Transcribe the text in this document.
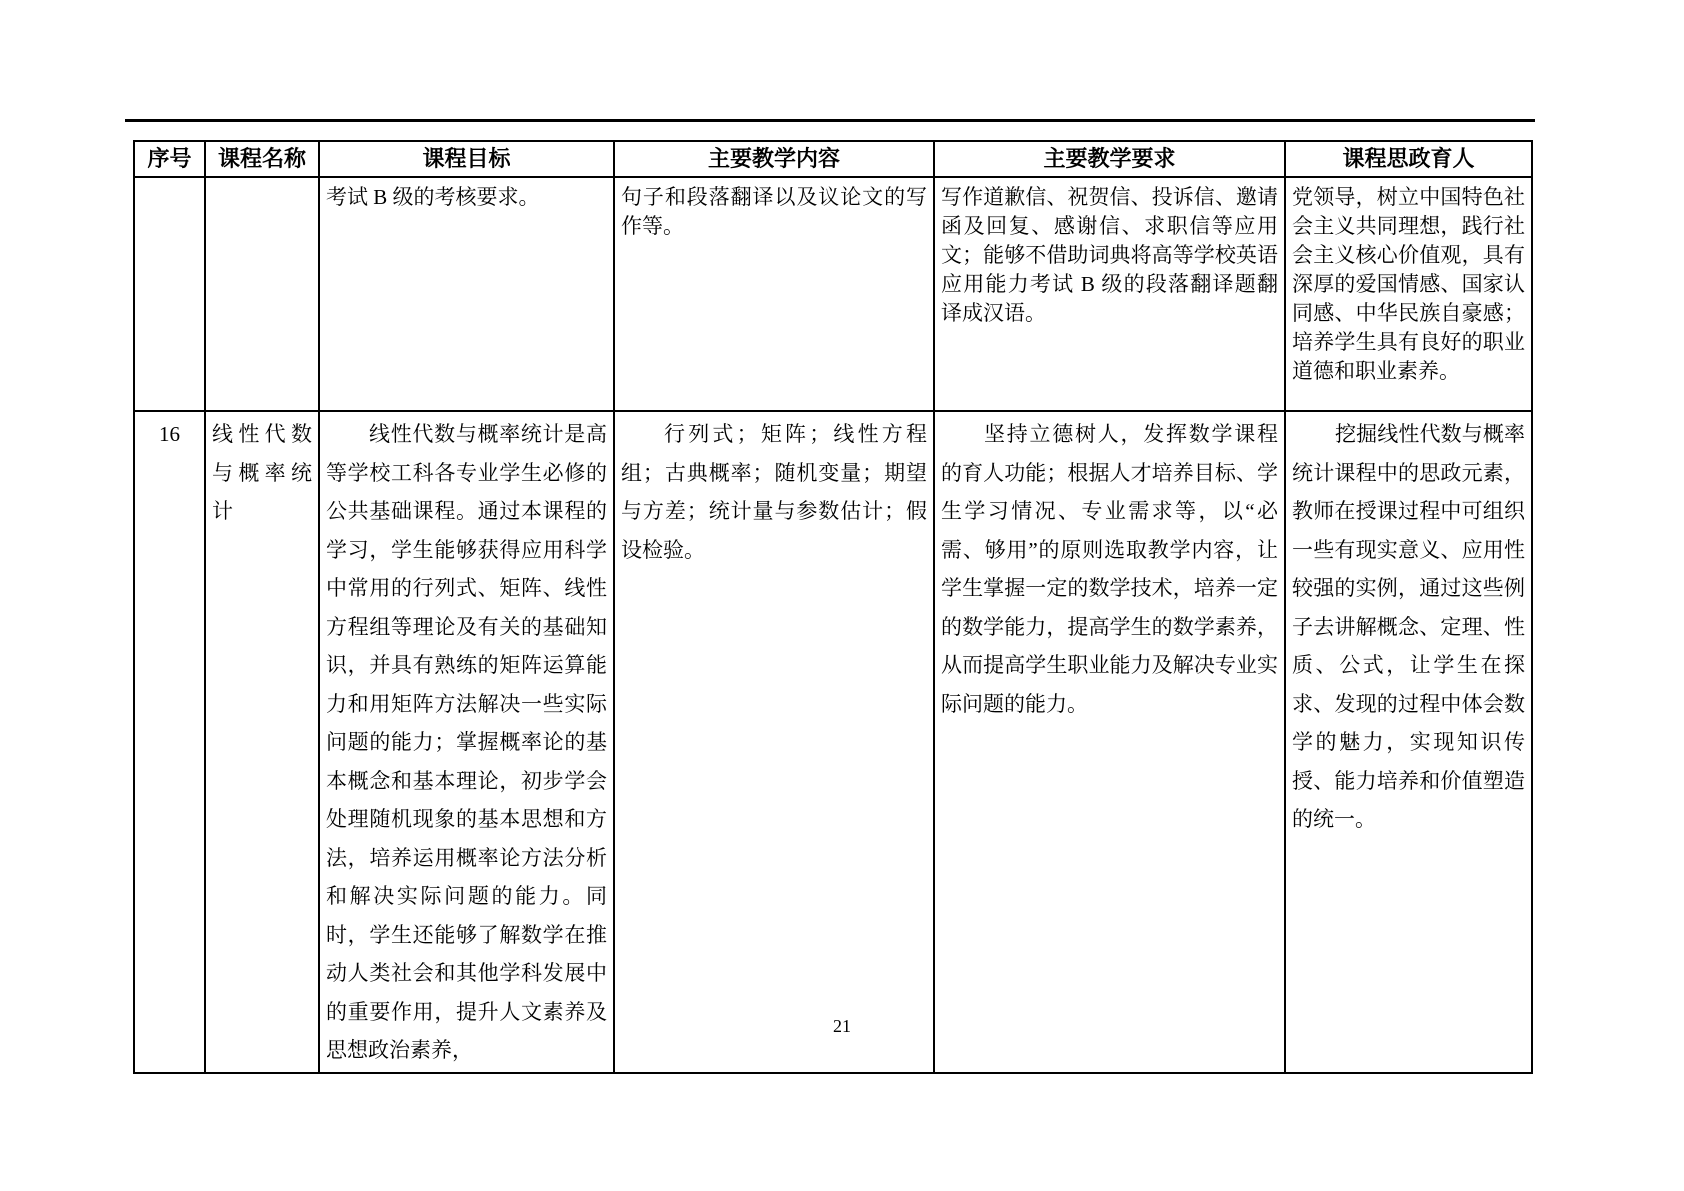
序号	课程名称	课程目标	主要教学内容	主要教学要求	课程思政育人
		考试 B 级的考核要求。	句子和段落翻译以及议论文的写作等。	写作道歉信、祝贺信、投诉信、邀请函及回复、感谢信、求职信等应用文；能够不借助词典将高等学校英语应用能力考试 B 级的段落翻译题翻译成汉语。	党领导，树立中国特色社会主义共同理想，践行社会主义核心价值观，具有深厚的爱国情感、国家认同感、中华民族自豪感；培养学生具有良好的职业道德和职业素养。
16	线性代数与概率统计	线性代数与概率统计是高等学校工科各专业学生必修的公共基础课程。通过本课程的学习，学生能够获得应用科学中常用的行列式、矩阵、线性方程组等理论及有关的基础知识，并具有熟练的矩阵运算能力和用矩阵方法解决一些实际问题的能力；掌握概率论的基本概念和基本理论，初步学会处理随机现象的基本思想和方法，培养运用概率论方法分析和解决实际问题的能力。同时，学生还能够了解数学在推动人类社会和其他学科发展中的重要作用，提升人文素养及思想政治素养，	行列式；矩阵；线性方程组；古典概率；随机变量；期望与方差；统计量与参数估计；假设检验。	坚持立德树人，发挥数学课程的育人功能；根据人才培养目标、学生学习情况、专业需求等，以“必需、够用”的原则选取教学内容，让学生掌握一定的数学技术，培养一定的数学能力，提高学生的数学素养，从而提高学生职业能力及解决专业实际问题的能力。	挖掘线性代数与概率统计课程中的思政元素，教师在授课过程中可组织一些有现实意义、应用性较强的实例，通过这些例子去讲解概念、定理、性质、公式，让学生在探求、发现的过程中体会数学的魅力，实现知识传授、能力培养和价值塑造的统一。
21
